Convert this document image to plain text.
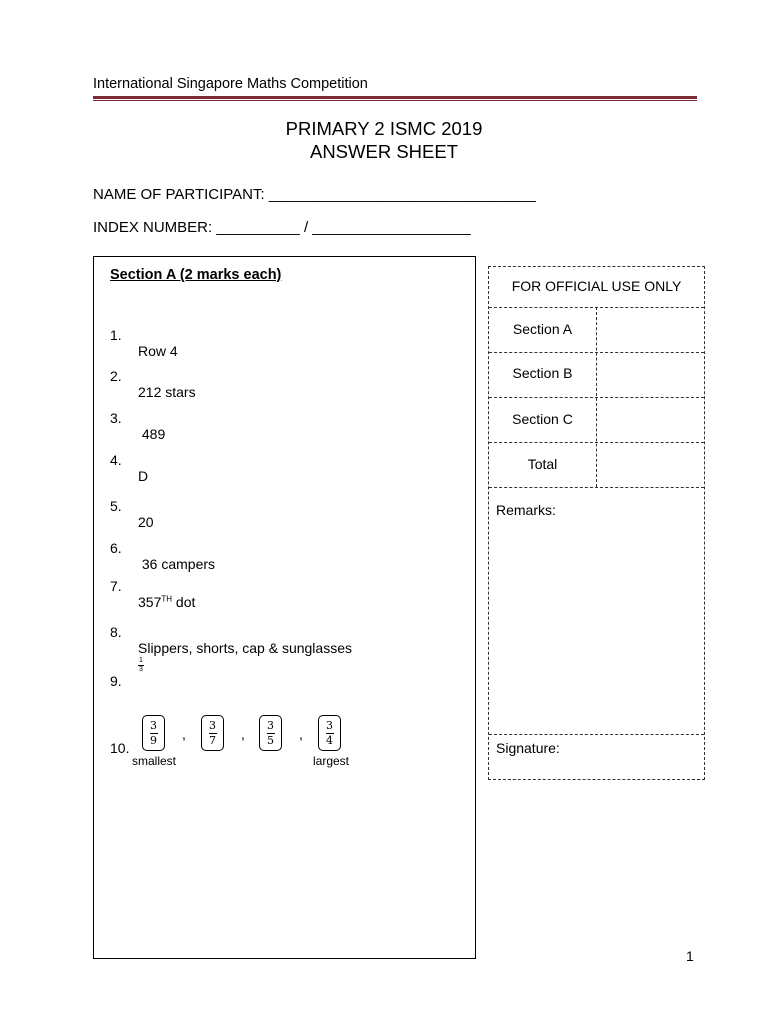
International Singapore Maths Competition
PRIMARY 2 ISMC 2019
ANSWER SHEET
NAME OF PARTICIPANT: ________________________________
INDEX NUMBER: __________ / ___________________
Section A (2 marks each)

1.

Row 4

2.

212 stars

3.

489

4.

D

5.

20

6.

36 campers

7.

357TH dot

8.

Slippers, shorts, cap & sunglasses

9.

$\frac{1}{3}$

10. $\frac{3}{9}$ , $\frac{3}{7}$ , $\frac{3}{5}$ , $\frac{3}{4}$
smallest	largest
FOR OFFICIAL USE ONLY
Section A
Section B
Section C
Total
Remarks:
Signature:
1
